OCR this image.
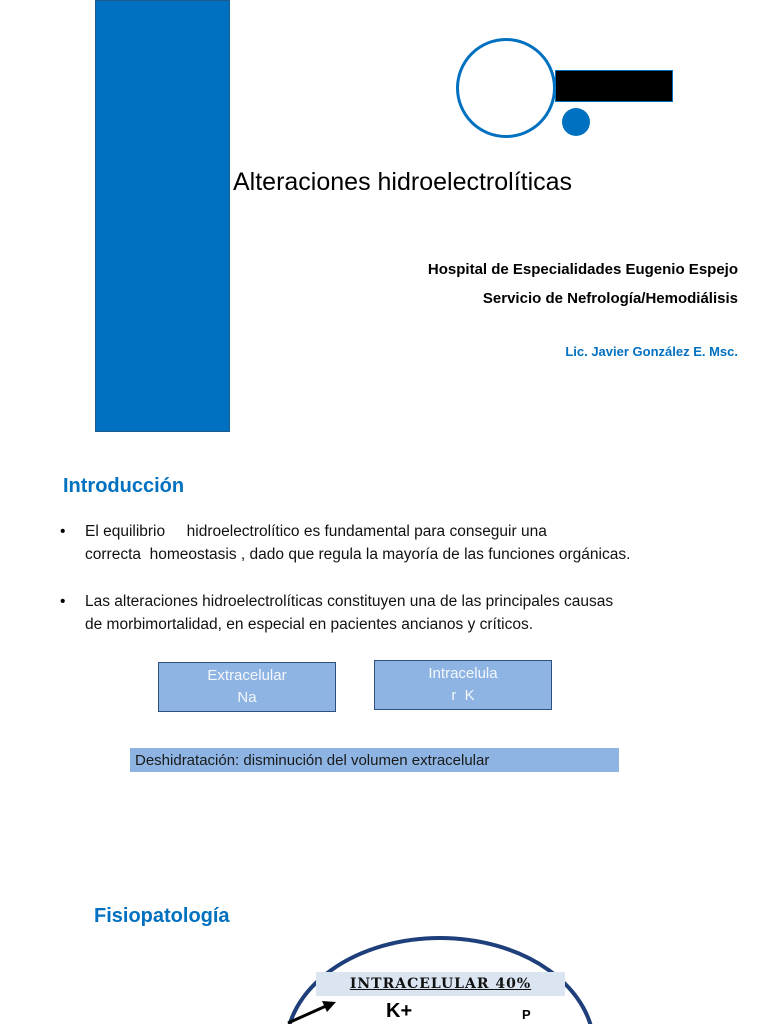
Alteraciones hidroelectrolíticas
Hospital de Especialidades Eugenio Espejo
Servicio de Nefrología/Hemodiálisis
Lic. Javier González E. Msc.
Introducción
• El equilibrio     hidroelectrolítico es fundamental para conseguir una
correcta  homeostasis , dado que regula la mayoría de las funciones orgánicas.
• Las alteraciones hidroelectrolíticas constituyen una de las principales causas
de morbimortalidad, en especial en pacientes ancianos y críticos.
Extracelular
Na
Intracelula
r  K
Deshidratación: disminución del volumen extracelular
Fisiopatología
INTRACELULAR 40%
K+	P
